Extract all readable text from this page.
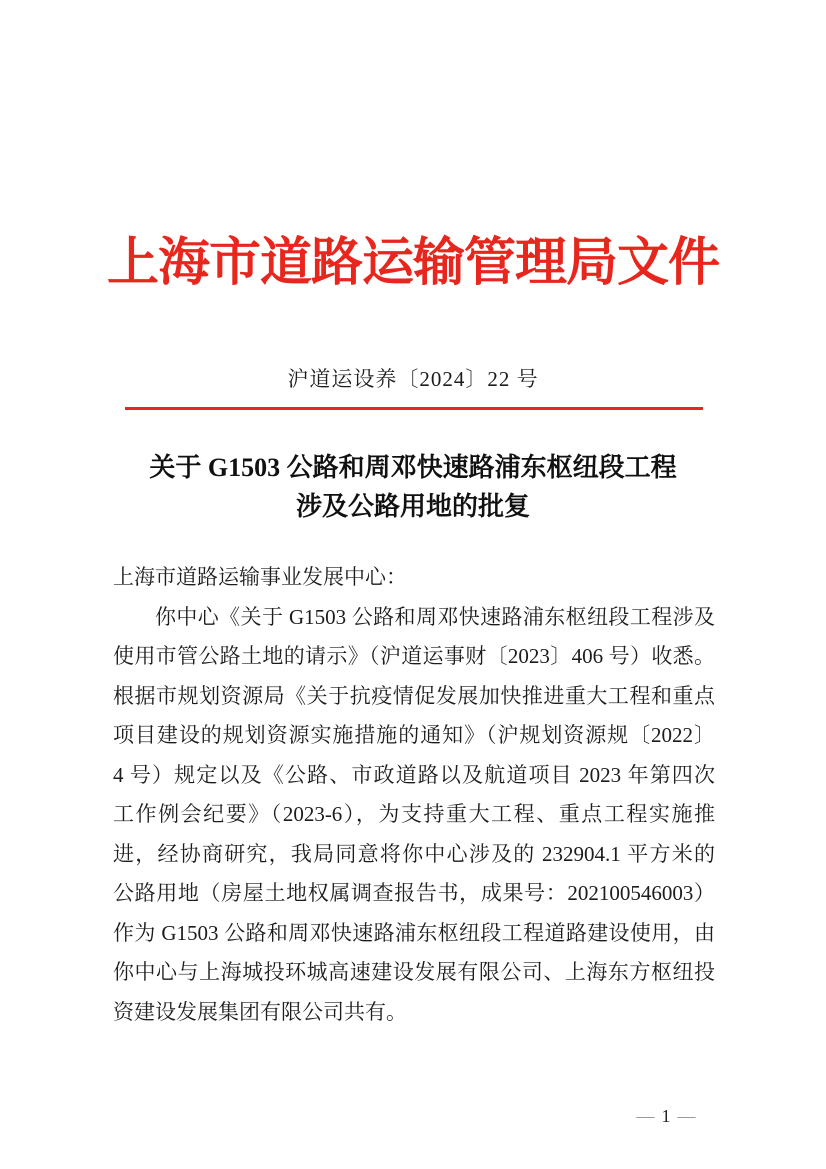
上海市道路运输管理局文件
沪道运设养〔2024〕22 号
关于 G1503 公路和周邓快速路浦东枢纽段工程
涉及公路用地的批复
上海市道路运输事业发展中心：
你中心《关于 G1503 公路和周邓快速路浦东枢纽段工程涉及
使用市管公路土地的请示》（沪道运事财〔2023〕406 号）收悉。
根据市规划资源局《关于抗疫情促发展加快推进重大工程和重点
项目建设的规划资源实施措施的通知》（沪规划资源规〔2022〕
4 号）规定以及《公路、市政道路以及航道项目 2023 年第四次
工作例会纪要》（2023-6），为支持重大工程、重点工程实施推
进，经协商研究，我局同意将你中心涉及的 232904.1 平方米的
公路用地（房屋土地权属调查报告书，成果号：202100546003）
作为 G1503 公路和周邓快速路浦东枢纽段工程道路建设使用，由
你中心与上海城投环城高速建设发展有限公司、上海东方枢纽投
资建设发展集团有限公司共有。
— 1 —
